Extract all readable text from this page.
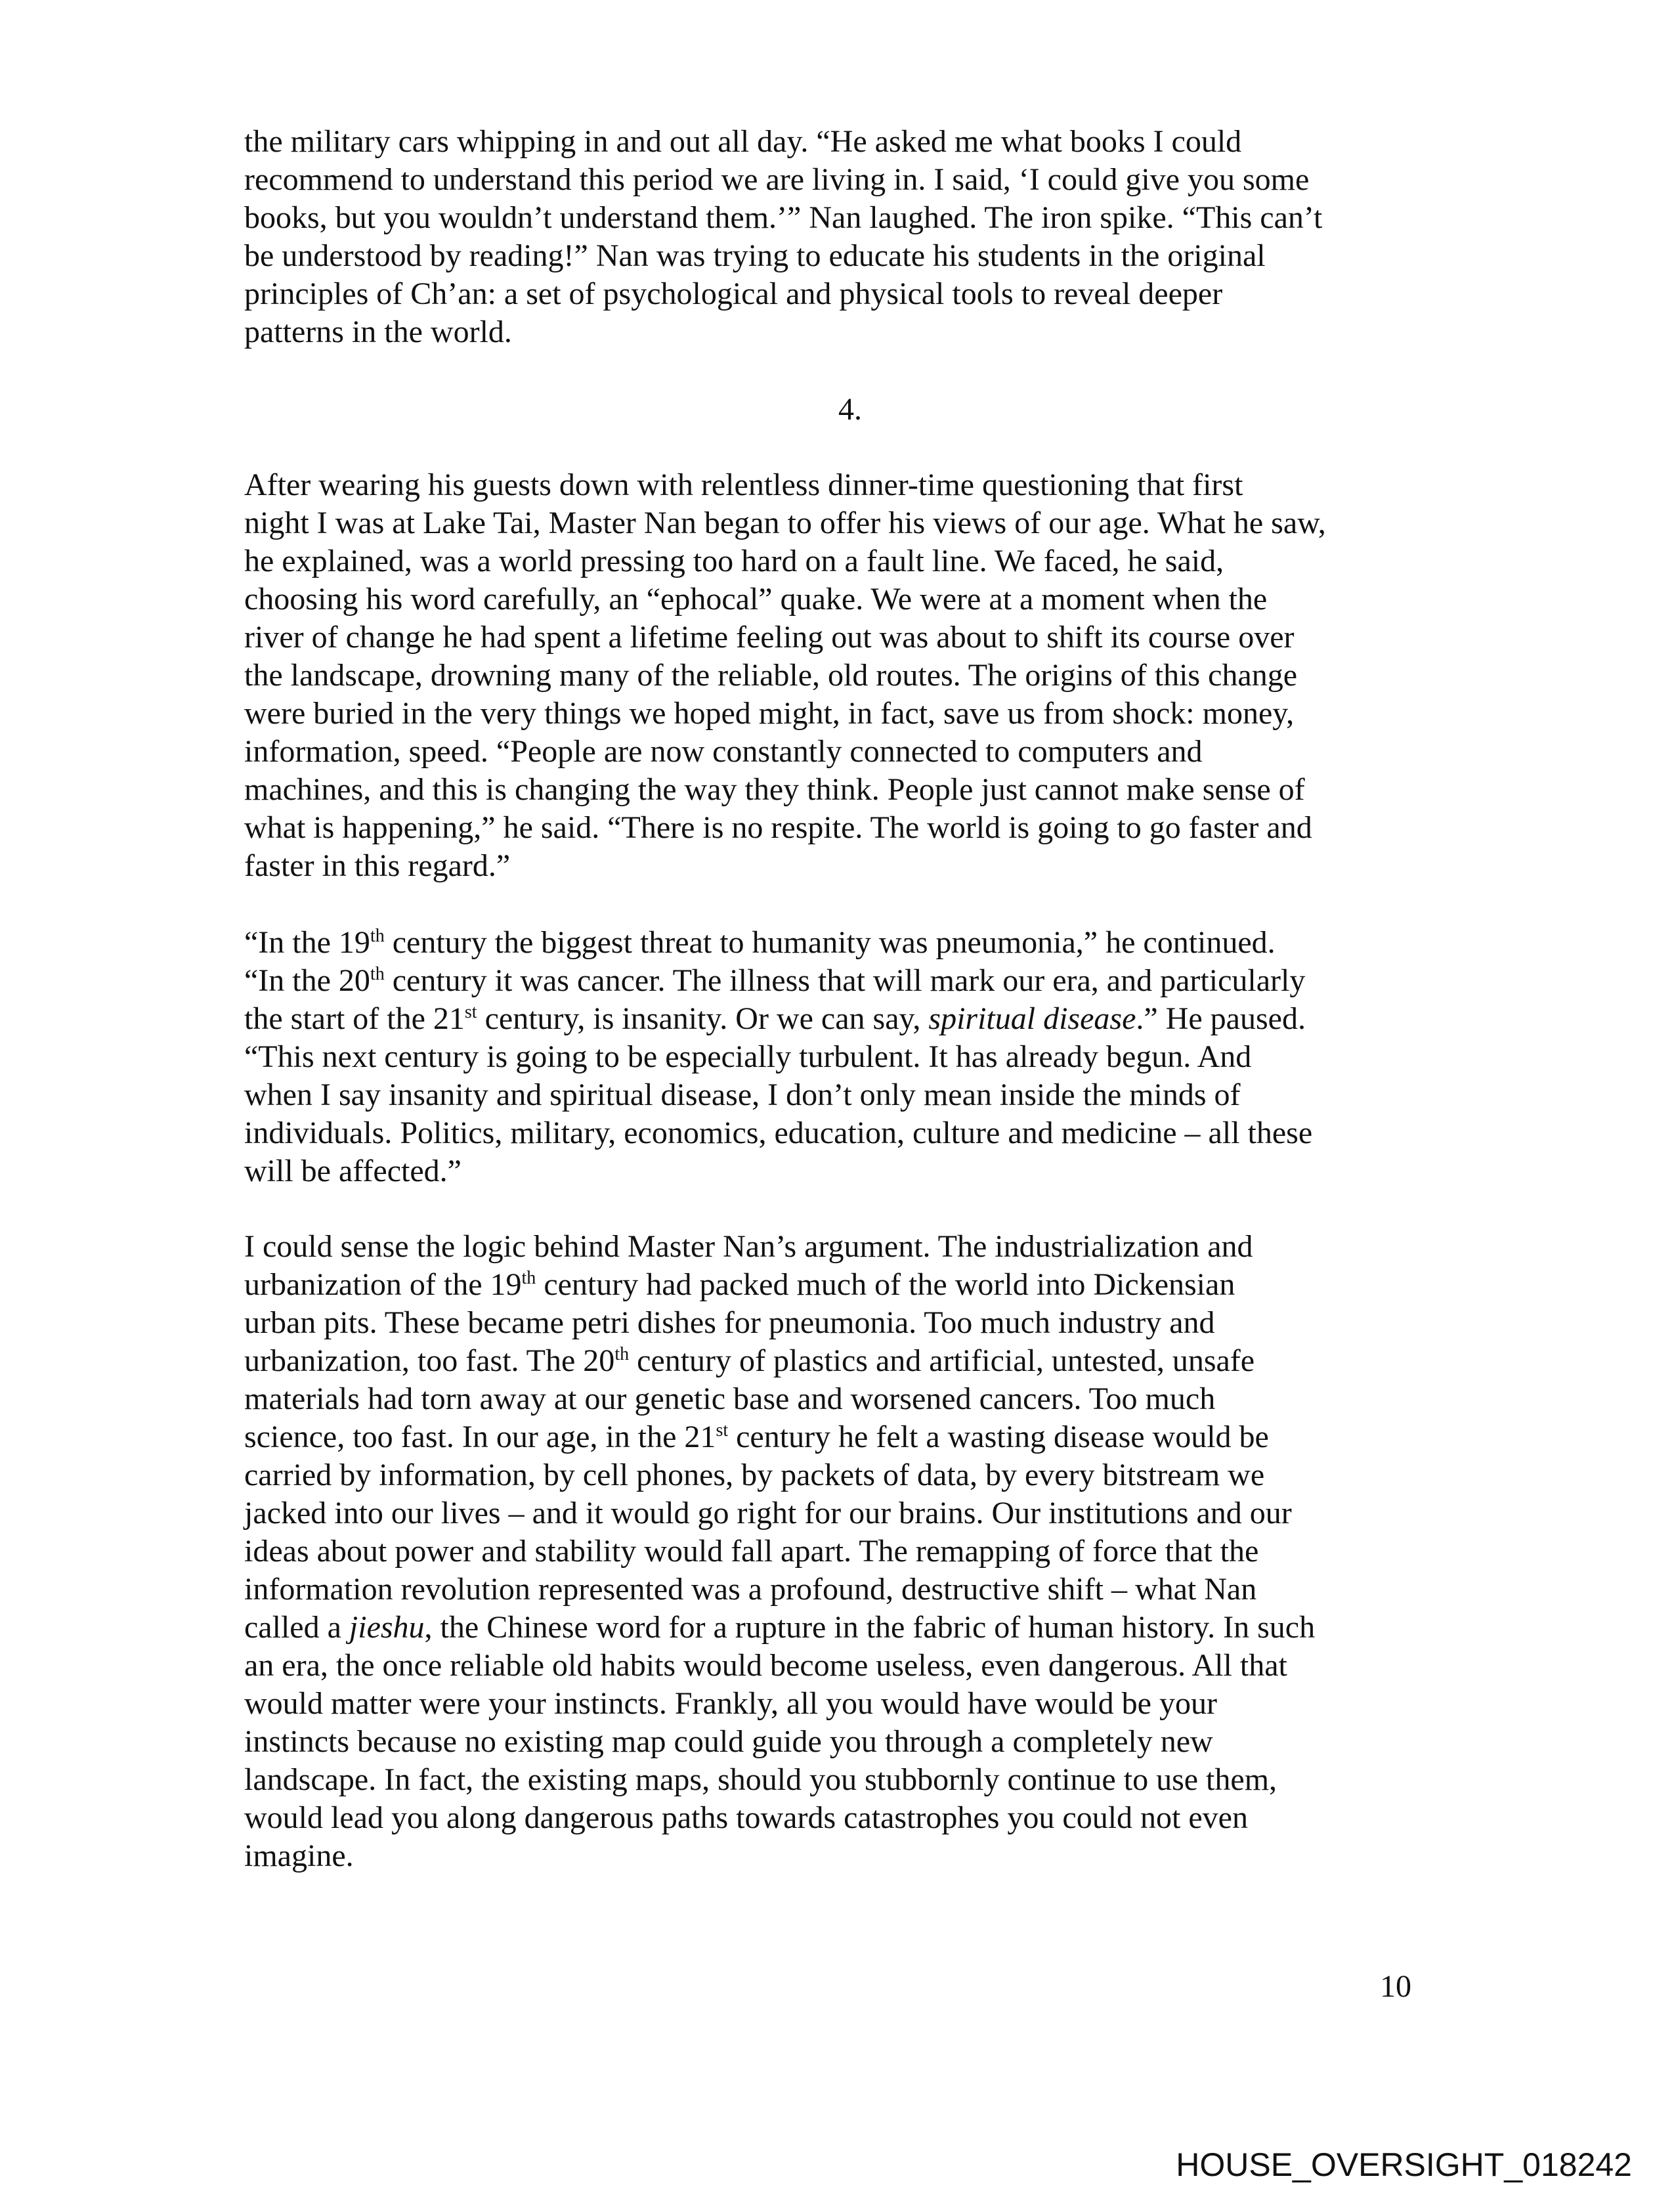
the military cars whipping in and out all day. “He asked me what books I could
recommend to understand this period we are living in. I said, ‘I could give you some
books, but you wouldn’t understand them.’” Nan laughed. The iron spike. “This can’t
be understood by reading!” Nan was trying to educate his students in the original
principles of Ch’an: a set of psychological and physical tools to reveal deeper
patterns in the world.
4.
After wearing his guests down with relentless dinner-time questioning that first
night I was at Lake Tai, Master Nan began to offer his views of our age. What he saw,
he explained, was a world pressing too hard on a fault line. We faced, he said,
choosing his word carefully, an “ephocal” quake. We were at a moment when the
river of change he had spent a lifetime feeling out was about to shift its course over
the landscape, drowning many of the reliable, old routes. The origins of this change
were buried in the very things we hoped might, in fact, save us from shock: money,
information, speed. “People are now constantly connected to computers and
machines, and this is changing the way they think. People just cannot make sense of
what is happening,” he said. “There is no respite. The world is going to go faster and
faster in this regard.”
“In the 19th century the biggest threat to humanity was pneumonia,” he continued.
“In the 20th century it was cancer. The illness that will mark our era, and particularly
the start of the 21st century, is insanity. Or we can say, spiritual disease.” He paused.
“This next century is going to be especially turbulent. It has already begun. And
when I say insanity and spiritual disease, I don’t only mean inside the minds of
individuals. Politics, military, economics, education, culture and medicine – all these
will be affected.”
I could sense the logic behind Master Nan’s argument. The industrialization and
urbanization of the 19th century had packed much of the world into Dickensian
urban pits. These became petri dishes for pneumonia. Too much industry and
urbanization, too fast. The 20th century of plastics and artificial, untested, unsafe
materials had torn away at our genetic base and worsened cancers. Too much
science, too fast. In our age, in the 21st century he felt a wasting disease would be
carried by information, by cell phones, by packets of data, by every bitstream we
jacked into our lives – and it would go right for our brains. Our institutions and our
ideas about power and stability would fall apart. The remapping of force that the
information revolution represented was a profound, destructive shift – what Nan
called a jieshu, the Chinese word for a rupture in the fabric of human history. In such
an era, the once reliable old habits would become useless, even dangerous. All that
would matter were your instincts. Frankly, all you would have would be your
instincts because no existing map could guide you through a completely new
landscape. In fact, the existing maps, should you stubbornly continue to use them,
would lead you along dangerous paths towards catastrophes you could not even
imagine.
10
HOUSE_OVERSIGHT_018242
